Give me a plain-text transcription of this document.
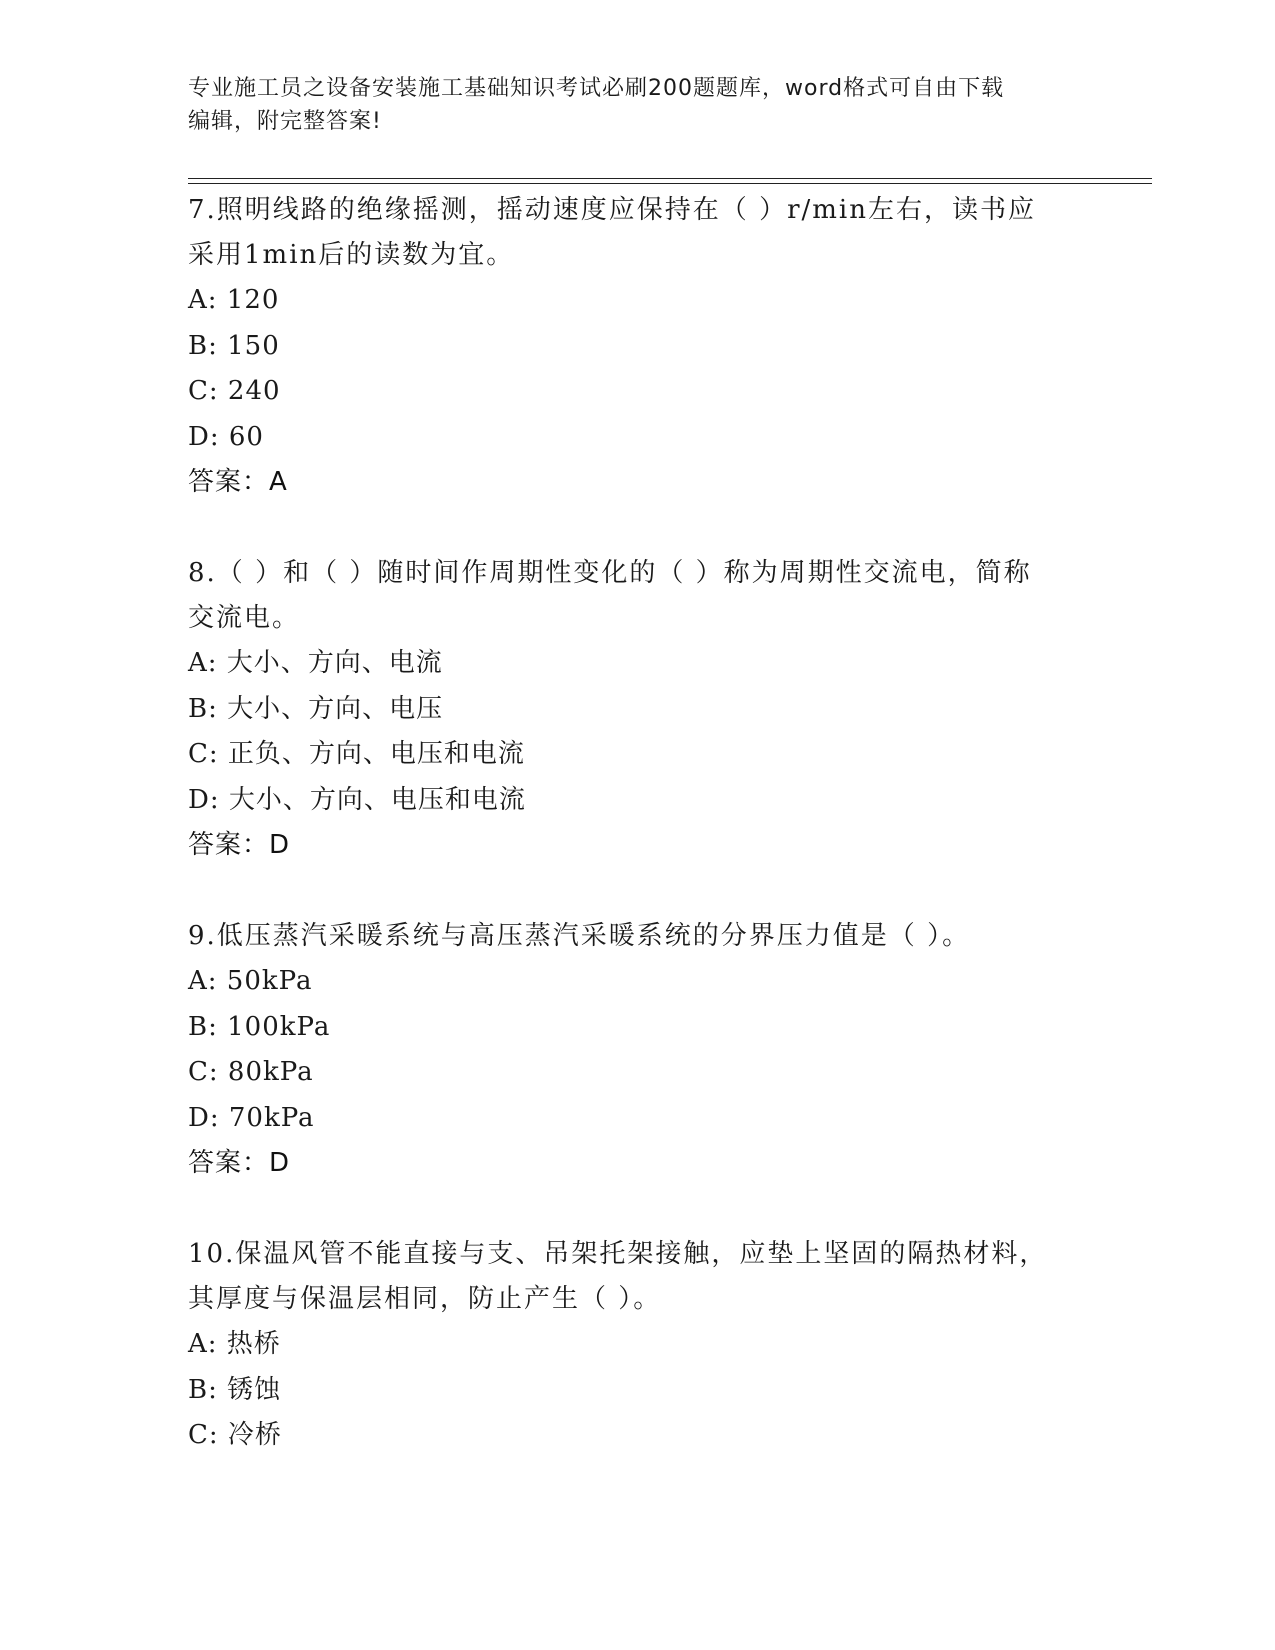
专业施工员之设备安装施工基础知识考试必刷200题题库，word格式可自由下载
编辑，附完整答案!

7.照明线路的绝缘摇测，摇动速度应保持在（ ）r/min左右，读书应

采用1min后的读数为宜。

A: 120

B: 150

C: 240

D: 60

答案：A

8.（ ）和（ ）随时间作周期性变化的（ ）称为周期性交流电，简称

交流电。

A: 大小、方向、电流

B: 大小、方向、电压

C: 正负、方向、电压和电流

D: 大小、方向、电压和电流

答案：D

9.低压蒸汽采暖系统与高压蒸汽采暖系统的分界压力值是（ ）。

A: 50kPa

B: 100kPa

C: 80kPa

D: 70kPa

答案：D

10.保温风管不能直接与支、吊架托架接触，应垫上坚固的隔热材料，

其厚度与保温层相同，防止产生（ ）。

A: 热桥

B: 锈蚀

C: 冷桥
